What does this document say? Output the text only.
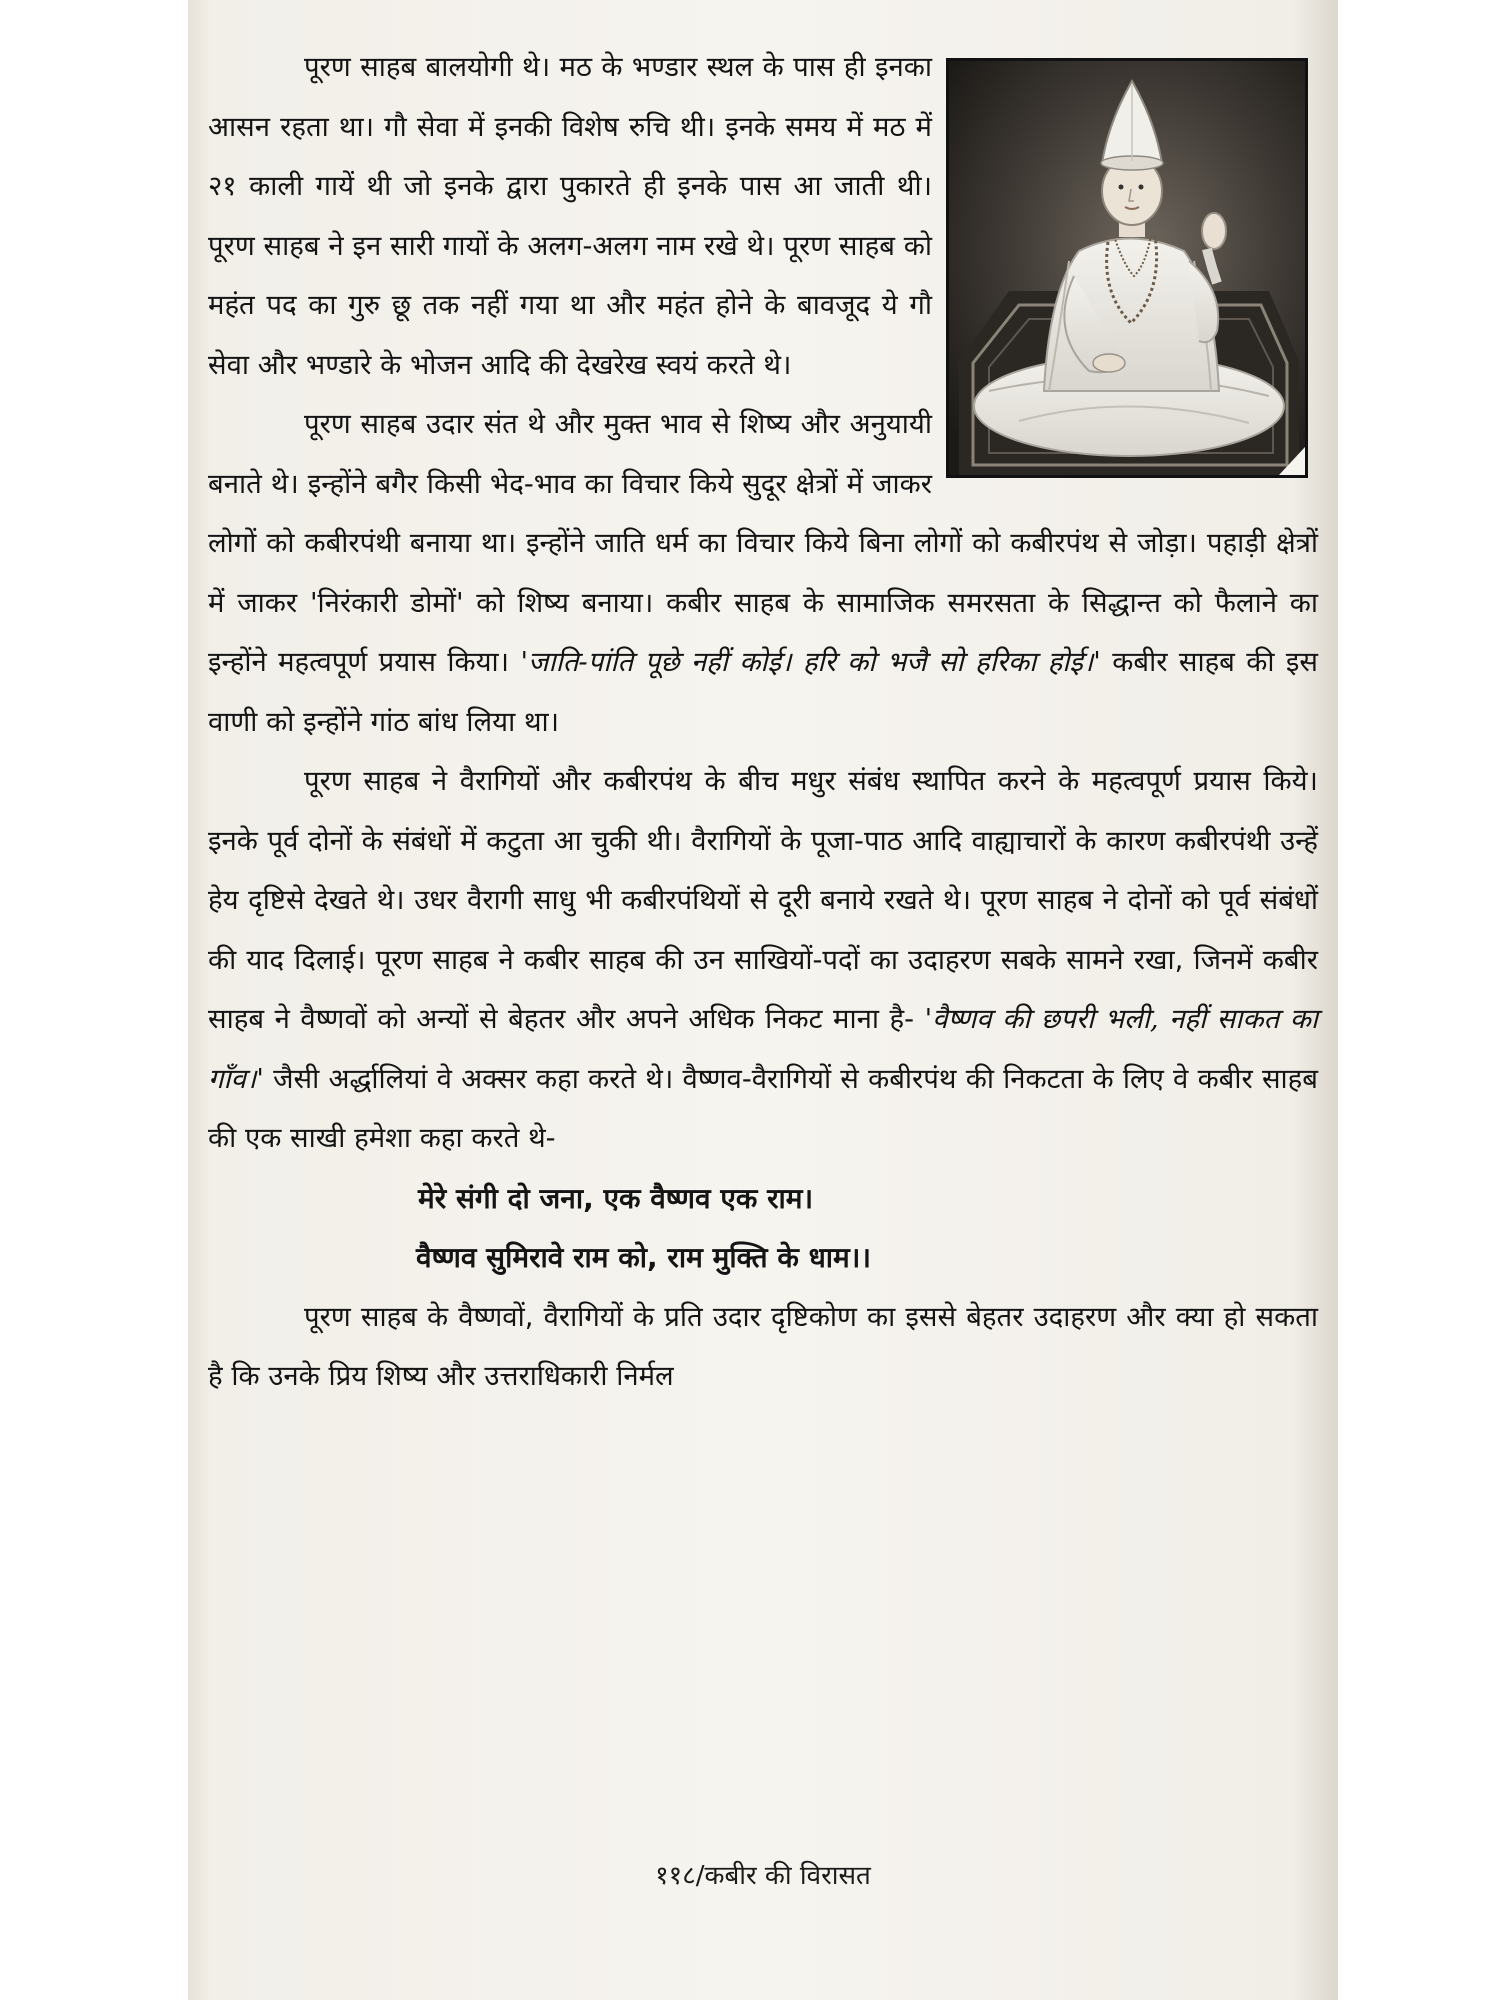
पूरण साहब बालयोगी थे। मठ के भण्डार स्थल के पास ही इनका आसन रहता था। गौ सेवा में इनकी विशेष रुचि थी। इनके समय में मठ में २१ काली गायें थी जो इनके द्वारा पुकारते ही इनके पास आ जाती थी। पूरण साहब ने इन सारी गायों के अलग-अलग नाम रखे थे। पूरण साहब को महंत पद का गुरु छू तक नहीं गया था और महंत होने के बावजूद ये गौ सेवा और भण्डारे के भोजन आदि की देखरेख स्वयं करते थे।

पूरण साहब उदार संत थे और मुक्त भाव से शिष्य और अनुयायी बनाते थे। इन्होंने बगैर किसी भेद-भाव का विचार किये सुदूर क्षेत्रों में जाकर लोगों को कबीरपंथी बनाया था। इन्होंने जाति धर्म का विचार किये बिना लोगों को कबीरपंथ से जोड़ा। पहाड़ी क्षेत्रों में जाकर 'निरंकारी डोमों' को शिष्य बनाया। कबीर साहब के सामाजिक समरसता के सिद्धान्त को फैलाने का इन्होंने महत्वपूर्ण प्रयास किया। 'जाति-पांति पूछे नहीं कोई। हरि को भजै सो हरिका होई।' कबीर साहब की इस वाणी को इन्होंने गांठ बांध लिया था।

पूरण साहब ने वैरागियों और कबीरपंथ के बीच मधुर संबंध स्थापित करने के महत्वपूर्ण प्रयास किये। इनके पूर्व दोनों के संबंधों में कटुता आ चुकी थी। वैरागियों के पूजा-पाठ आदि वाह्याचारों के कारण कबीरपंथी उन्हें हेय दृष्टिसे देखते थे। उधर वैरागी साधु भी कबीरपंथियों से दूरी बनाये रखते थे। पूरण साहब ने दोनों को पूर्व संबंधों की याद दिलाई। पूरण साहब ने कबीर साहब की उन साखियों-पदों का उदाहरण सबके सामने रखा, जिनमें कबीर साहब ने वैष्णवों को अन्यों से बेहतर और अपने अधिक निकट माना है- 'वैष्णव की छपरी भली, नहीं साकत का गाँव।' जैसी अर्द्धालियां वे अक्सर कहा करते थे। वैष्णव-वैरागियों से कबीरपंथ की निकटता के लिए वे कबीर साहब की एक साखी हमेशा कहा करते थे-

मेरे संगी दो जना, एक वैष्णव एक राम।

वैष्णव सुमिरावे राम को, राम मुक्ति के धाम।।

पूरण साहब के वैष्णवों, वैरागियों के प्रति उदार दृष्टिकोण का इससे बेहतर उदाहरण और क्या हो सकता है कि उनके प्रिय शिष्य और उत्तराधिकारी निर्मल

११८/कबीर की विरासत
